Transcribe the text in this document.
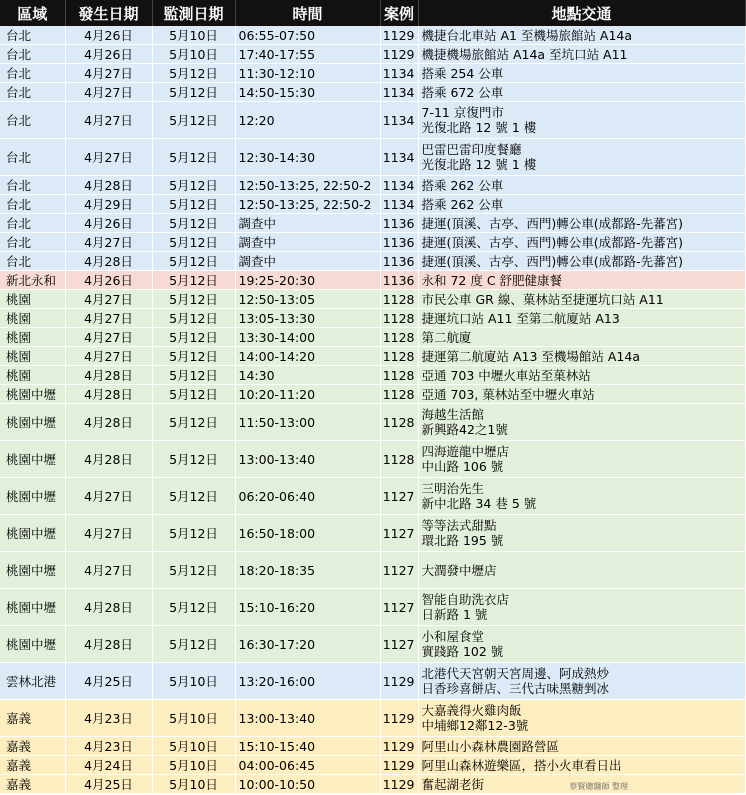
區域	發生日期	監測日期	時間	案例	地點交通
台北	4月26日	5月10日	06:55-07:50	1129	機捷台北車站 A1 至機場旅館站 A14a

台北	4月26日	5月10日	17:40-17:55	1129	機捷機場旅館站 A14a 至坑口站 A11

台北	4月27日	5月12日	11:30-12:10	1134	搭乘 254 公車

台北	4月27日	5月12日	14:50-15:30	1134	搭乘 672 公車

台北	4月27日	5月12日	12:20	1134	7-11 京復門市
光復北路 12 號 1 樓

台北	4月27日	5月12日	12:30-14:30	1134	巴雷巴雷印度餐廳
光復北路 12 號 1 樓

台北	4月28日	5月12日	12:50-13:25, 22:50-2	1134	搭乘 262 公車

台北	4月29日	5月12日	12:50-13:25, 22:50-2	1134	搭乘 262 公車

台北	4月26日	5月12日	調查中	1136	捷運(頂溪、古亭、西門)轉公車(成都路-先蕃宮)

台北	4月27日	5月12日	調查中	1136	捷運(頂溪、古亭、西門)轉公車(成都路-先蕃宮)

台北	4月28日	5月12日	調查中	1136	捷運(頂溪、古亭、西門)轉公車(成都路-先蕃宮)

新北永和	4月26日	5月12日	19:25-20:30	1136	永和 72 度 C 舒肥健康餐

桃園	4月27日	5月12日	12:50-13:05	1128	市民公車 GR 線、菓林站至捷運坑口站 A11

桃園	4月27日	5月12日	13:05-13:30	1128	捷運坑口站 A11 至第二航廈站 A13

桃園	4月27日	5月12日	13:30-14:00	1128	第二航廈

桃園	4月27日	5月12日	14:00-14:20	1128	捷運第二航廈站 A13 至機場館站 A14a

桃園	4月28日	5月12日	14:30	1128	亞通 703 中壢火車站至菓林站

桃園中壢	4月28日	5月12日	10:20-11:20	1128	亞通 703, 菓林站至中壢火車站

桃園中壢	4月28日	5月12日	11:50-13:00	1128	海越生活館
新興路42之1號

桃園中壢	4月28日	5月12日	13:00-13:40	1128	四海遊龍中壢店
中山路 106 號

桃園中壢	4月27日	5月12日	06:20-06:40	1127	三明治先生
新中北路 34 巷 5 號

桃園中壢	4月27日	5月12日	16:50-18:00	1127	等等法式甜點
環北路 195 號

桃園中壢	4月27日	5月12日	18:20-18:35	1127	大潤發中壢店

桃園中壢	4月28日	5月12日	15:10-16:20	1127	智能自助洗衣店
日新路 1 號

桃園中壢	4月28日	5月12日	16:30-17:20	1127	小和屋食堂
實踐路 102 號

雲林北港	4月25日	5月10日	13:20-16:00	1129	北港代天宮朝天宮周邊、阿成熱炒
日香珍喜餅店、三代古味黑糖剉冰

嘉義	4月23日	5月10日	13:00-13:40	1129	大嘉義得火雞肉飯
中埔鄉12鄰12-3號

嘉義	4月23日	5月10日	15:10-15:40	1129	阿里山小森林農園路營區

嘉義	4月24日	5月10日	04:00-06:45	1129	阿里山森林遊樂區，搭小火車看日出

嘉義	4月25日	5月10日	10:00-10:50	1129	奮起湖老街	蔡賢聰醫師 整理
